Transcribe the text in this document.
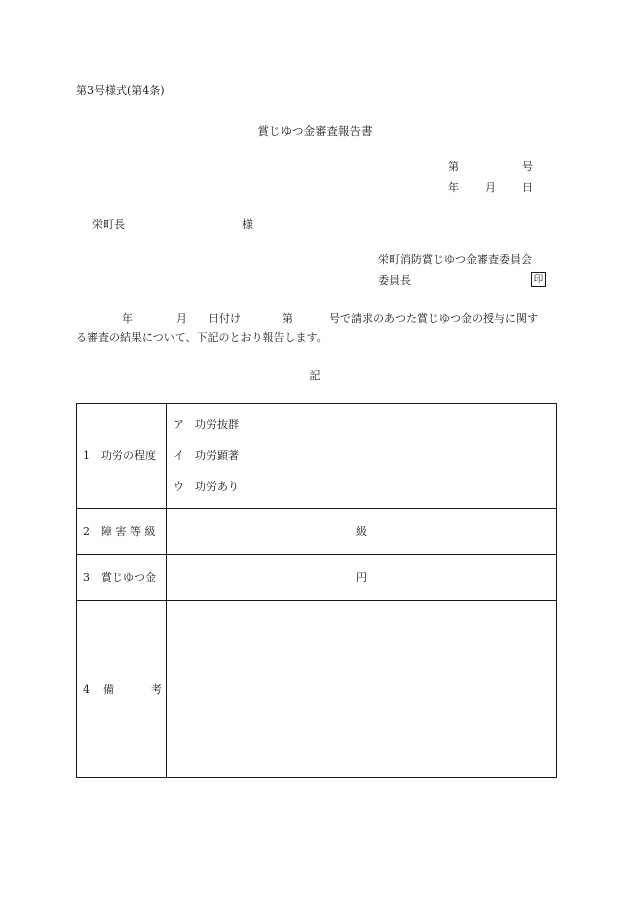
第3号様式(第4条)
賞じゆつ金審査報告書
第	号
年 月 日
栄町長	様
栄町消防賞じゆつ金審査委員会
委員長	印
年	月 日付け	第	号で請求のあつた賞じゆつ金の授与に関す
る審査の結果について、下記のとおり報告します。
記
1　功労の程度
ア　功労抜群
イ　功労顕著
ウ　功労あり
2　障 害 等 級	級
3　賞じゆつ金	円
4 備	考
